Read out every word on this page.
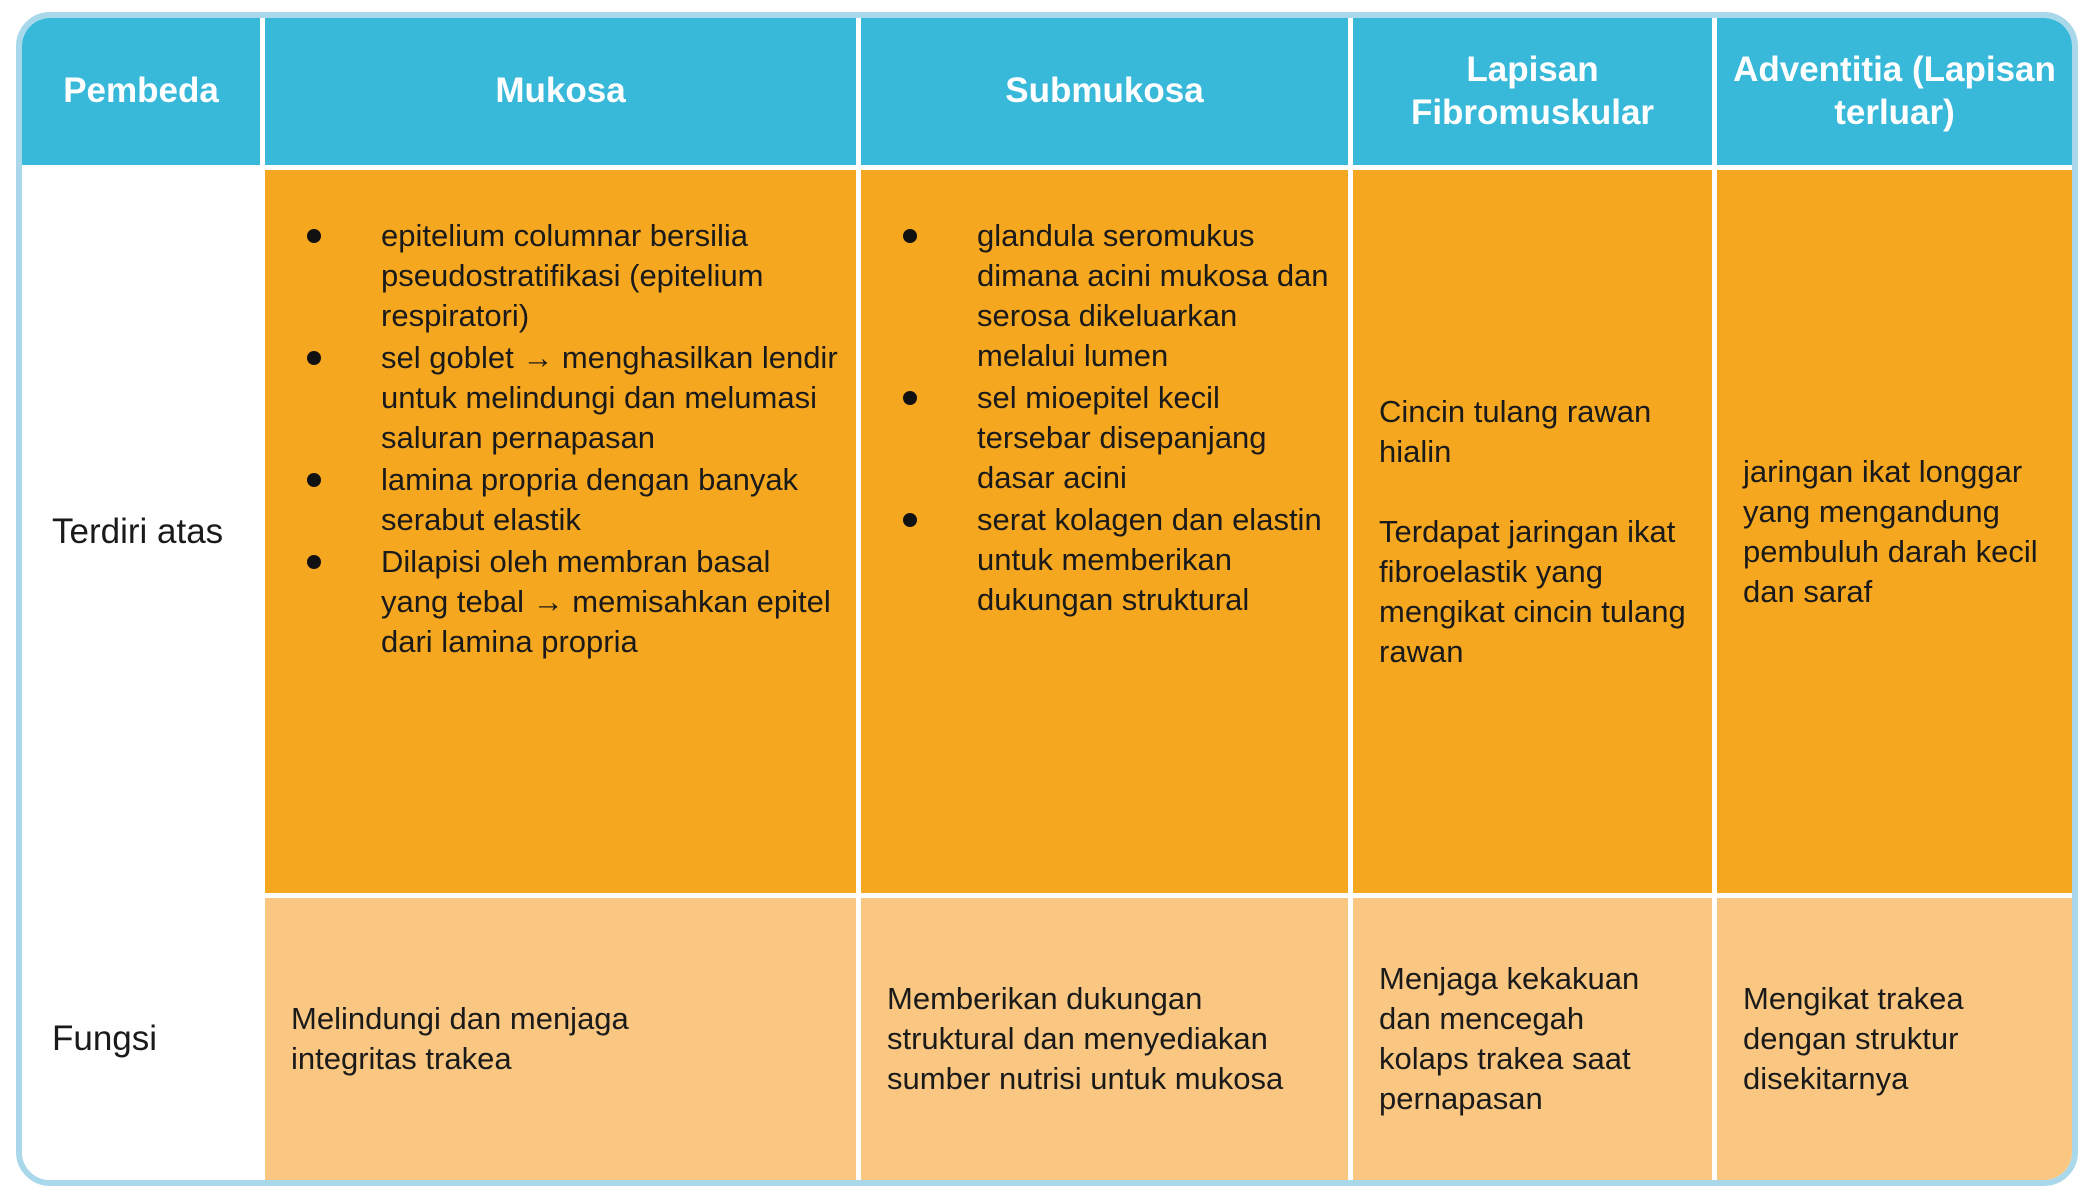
Pembeda	Mukosa	Submukosa
Lapisan Fibromuskular
Adventitia (Lapisan terluar)
Terdiri atas
epitelium columnar bersilia pseudostratifikasi (epitelium respiratori)
sel goblet → menghasilkan lendir untuk melindungi dan melumasi saluran pernapasan
lamina propria dengan banyak serabut elastik
Dilapisi oleh membran basal yang tebal → memisahkan epitel dari lamina propria
glandula seromukus dimana acini mukosa dan serosa dikeluarkan melalui lumen
sel mioepitel kecil tersebar disepanjang dasar acini
serat kolagen dan elastin untuk memberikan dukungan struktural

Cincin tulang rawan hialin

Terdapat jaringan ikat fibroelastik yang mengikat cincin tulang rawan

jaringan ikat longgar yang mengandung pembuluh darah kecil dan saraf

Fungsi

Melindungi dan menjaga integritas trakea

Memberikan dukungan struktural dan menyediakan sumber nutrisi untuk mukosa

Menjaga kekakuan dan mencegah kolaps trakea saat pernapasan

Mengikat trakea dengan struktur disekitarnya
